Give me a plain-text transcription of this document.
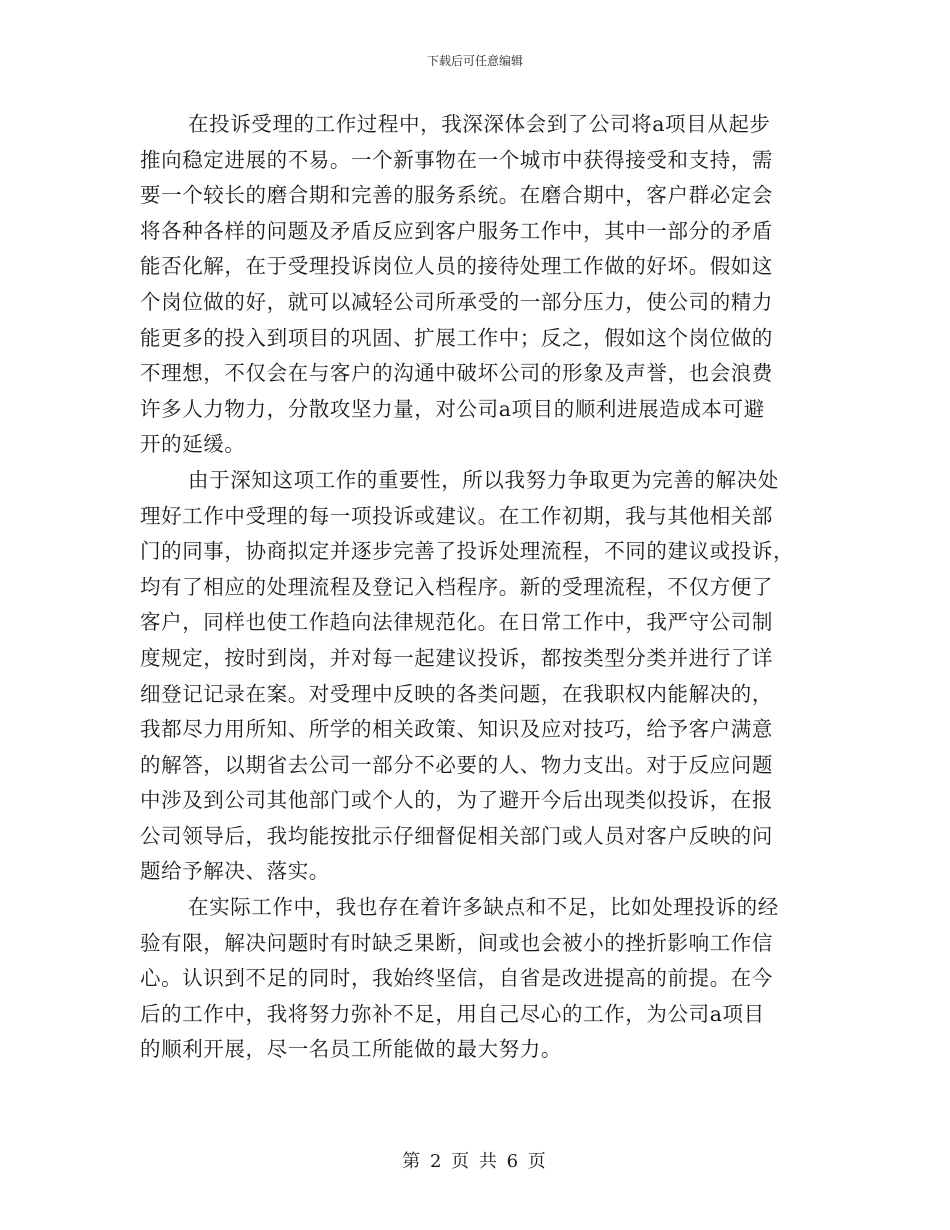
下载后可任意编辑
在投诉受理的工作过程中，我深深体会到了公司将a项目从起步
推向稳定进展的不易。一个新事物在一个城市中获得接受和支持，需
要一个较长的磨合期和完善的服务系统。在磨合期中，客户群必定会
将各种各样的问题及矛盾反应到客户服务工作中，其中一部分的矛盾
能否化解，在于受理投诉岗位人员的接待处理工作做的好坏。假如这
个岗位做的好，就可以减轻公司所承受的一部分压力，使公司的精力
能更多的投入到项目的巩固、扩展工作中；反之，假如这个岗位做的
不理想，不仅会在与客户的沟通中破坏公司的形象及声誉，也会浪费
许多人力物力，分散攻坚力量，对公司a项目的顺利进展造成本可避
开的延缓。
由于深知这项工作的重要性，所以我努力争取更为完善的解决处
理好工作中受理的每一项投诉或建议。在工作初期，我与其他相关部
门的同事，协商拟定并逐步完善了投诉处理流程，不同的建议或投诉，
均有了相应的处理流程及登记入档程序。新的受理流程，不仅方便了
客户，同样也使工作趋向法律规范化。在日常工作中，我严守公司制
度规定，按时到岗，并对每一起建议投诉，都按类型分类并进行了详
细登记记录在案。对受理中反映的各类问题，在我职权内能解决的，
我都尽力用所知、所学的相关政策、知识及应对技巧，给予客户满意
的解答，以期省去公司一部分不必要的人、物力支出。对于反应问题
中涉及到公司其他部门或个人的，为了避开今后出现类似投诉，在报
公司领导后，我均能按批示仔细督促相关部门或人员对客户反映的问
题给予解决、落实。
在实际工作中，我也存在着许多缺点和不足，比如处理投诉的经
验有限，解决问题时有时缺乏果断，间或也会被小的挫折影响工作信
心。认识到不足的同时，我始终坚信，自省是改进提高的前提。在今
后的工作中，我将努力弥补不足，用自己尽心的工作，为公司a项目
的顺利开展，尽一名员工所能做的最大努力。
第 2 页 共 6 页
